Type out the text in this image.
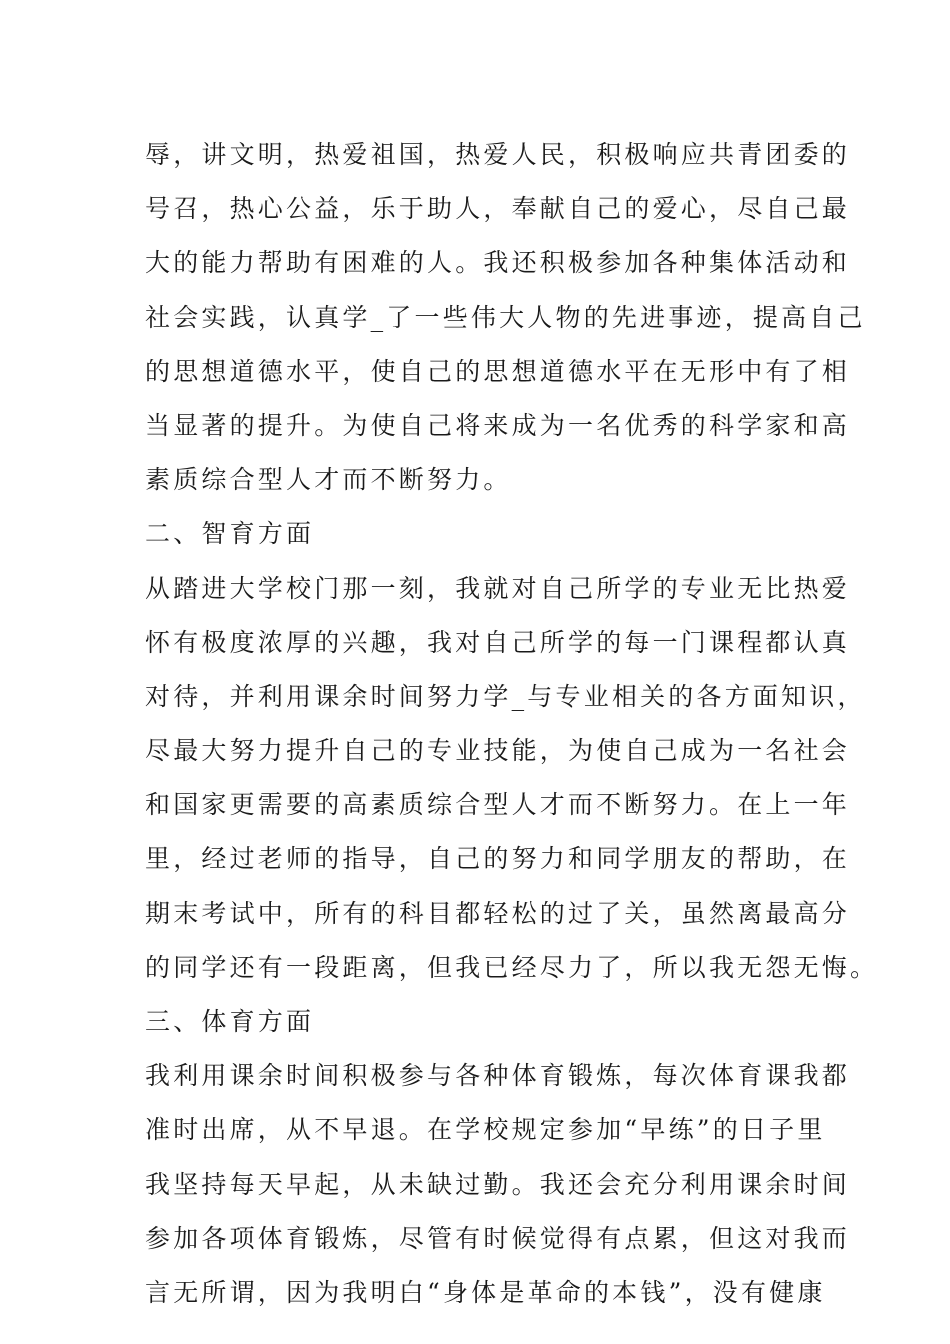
辱，讲文明，热爱祖国，热爱人民，积极响应共青团委的
号召，热心公益，乐于助人，奉献自己的爱心，尽自己最
大的能力帮助有困难的人。我还积极参加各种集体活动和
社会实践，认真学_了一些伟大人物的先进事迹，提高自己
的思想道德水平，使自己的思想道德水平在无形中有了相
当显著的提升。为使自己将来成为一名优秀的科学家和高
素质综合型人才而不断努力。
二、智育方面
从踏进大学校门那一刻，我就对自己所学的专业无比热爱
怀有极度浓厚的兴趣，我对自己所学的每一门课程都认真
对待，并利用课余时间努力学_与专业相关的各方面知识，
尽最大努力提升自己的专业技能，为使自己成为一名社会
和国家更需要的高素质综合型人才而不断努力。在上一年
里，经过老师的指导，自己的努力和同学朋友的帮助，在
期末考试中，所有的科目都轻松的过了关，虽然离最高分
的同学还有一段距离，但我已经尽力了，所以我无怨无悔。
三、体育方面
我利用课余时间积极参与各种体育锻炼，每次体育课我都
准时出席，从不早退。在学校规定参加“早练”的日子里
我坚持每天早起，从未缺过勤。我还会充分利用课余时间
参加各项体育锻炼，尽管有时候觉得有点累，但这对我而
言无所谓，因为我明白“身体是革命的本钱”，没有健康
